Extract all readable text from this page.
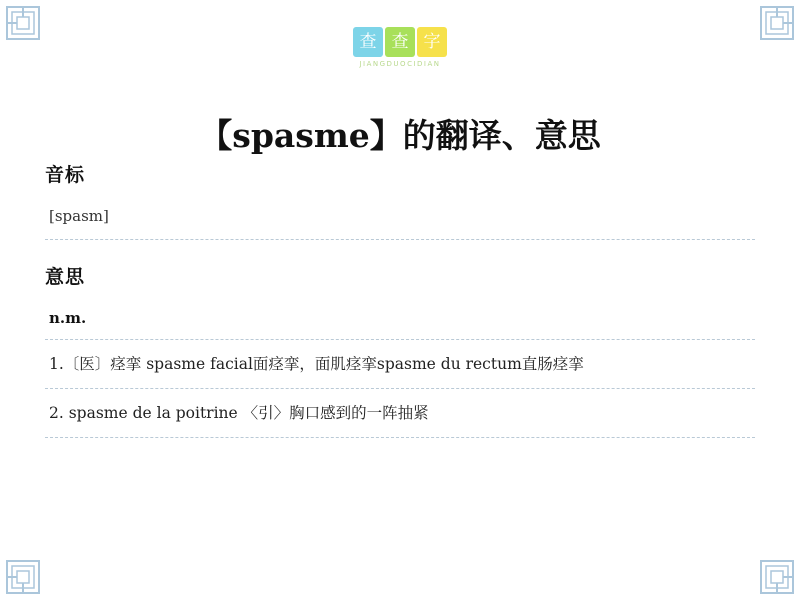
查 查 字
JIANGDUOCIDIAN
【spasme】的翻译、意思
音标
[spasm]
意思
n.m.
1.〔医〕痉挛 spasme facial面痉挛，面肌痉挛spasme du rectum直肠痉挛
2. spasme de la poitrine 〈引〉胸口感到的一阵抽紧
